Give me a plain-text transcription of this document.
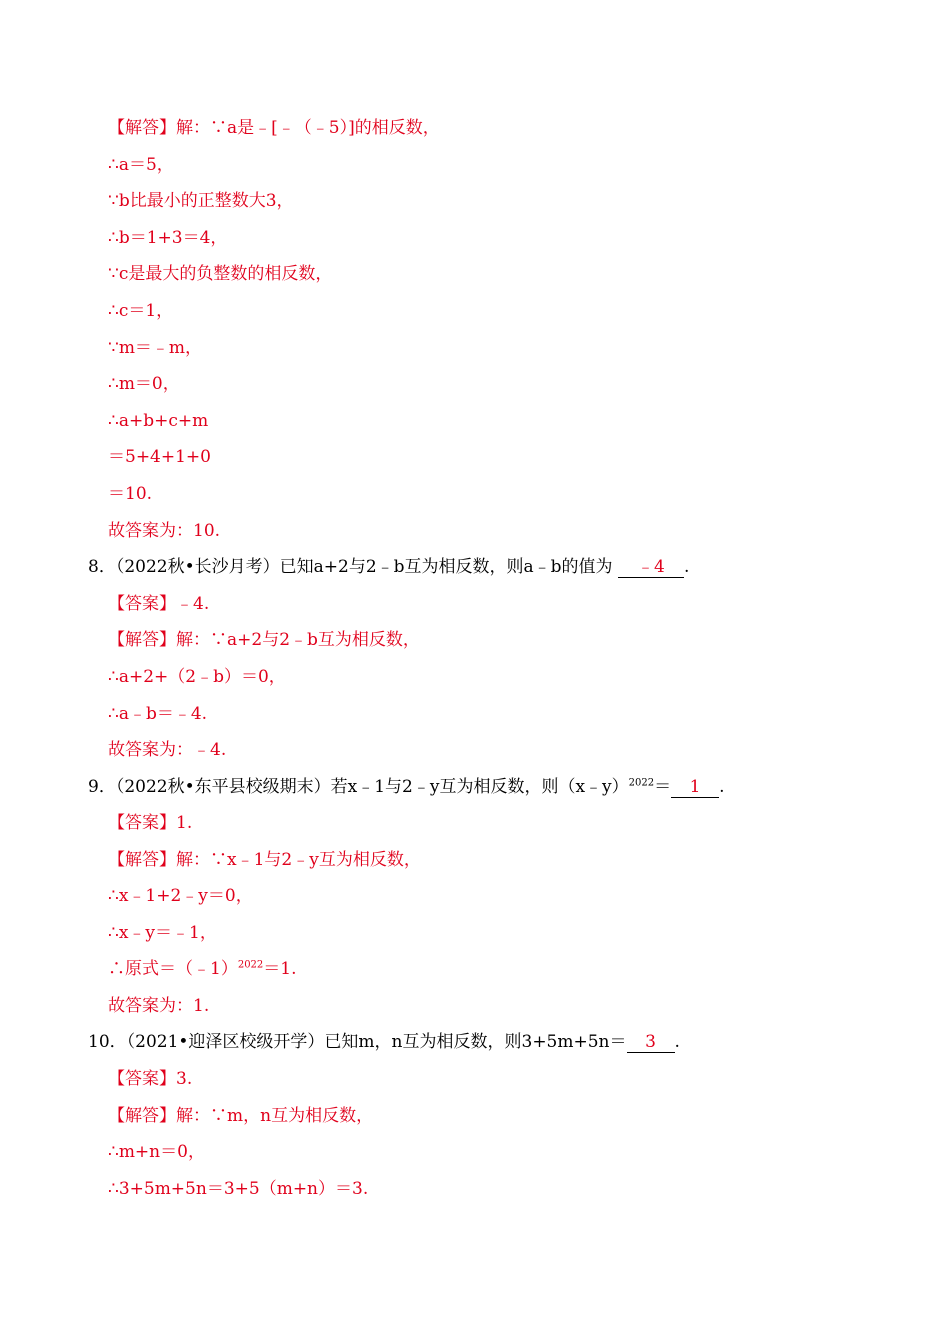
【解答】解：∵a是﹣[﹣（﹣5）]的相反数，
∴a＝5，
∵b比最小的正整数大3，
∴b＝1+3＝4，
∵c是最大的负整数的相反数，
∴c＝1，
∵m＝﹣m，
∴m＝0，
∴a+b+c+m
＝5+4+1+0
＝10.
故答案为：10.
8．（2022秋•长沙月考）已知a+2与2﹣b互为相反数，则a﹣b的值为 ﹣4 .
【答案】﹣4.
【解答】解：∵a+2与2﹣b互为相反数，
∴a+2+（2﹣b）＝0，
∴a﹣b＝﹣4.
故答案为：﹣4.
9．（2022秋•东平县校级期末）若x﹣1与2﹣y互为相反数，则（x﹣y）$^{2022}$＝ 1 .
【答案】1.
【解答】解：∵x﹣1与2﹣y互为相反数，
∴x﹣1+2﹣y＝0，
∴x﹣y＝﹣1，
∴原式＝（﹣1）$^{2022}$＝1.
故答案为：1.
10．（2021•迎泽区校级开学）已知m，n互为相反数，则3+5m+5n＝ 3 .
【答案】3.
【解答】解：∵m，n互为相反数，
∴m+n＝0，
∴3+5m+5n＝3+5（m+n）＝3.
